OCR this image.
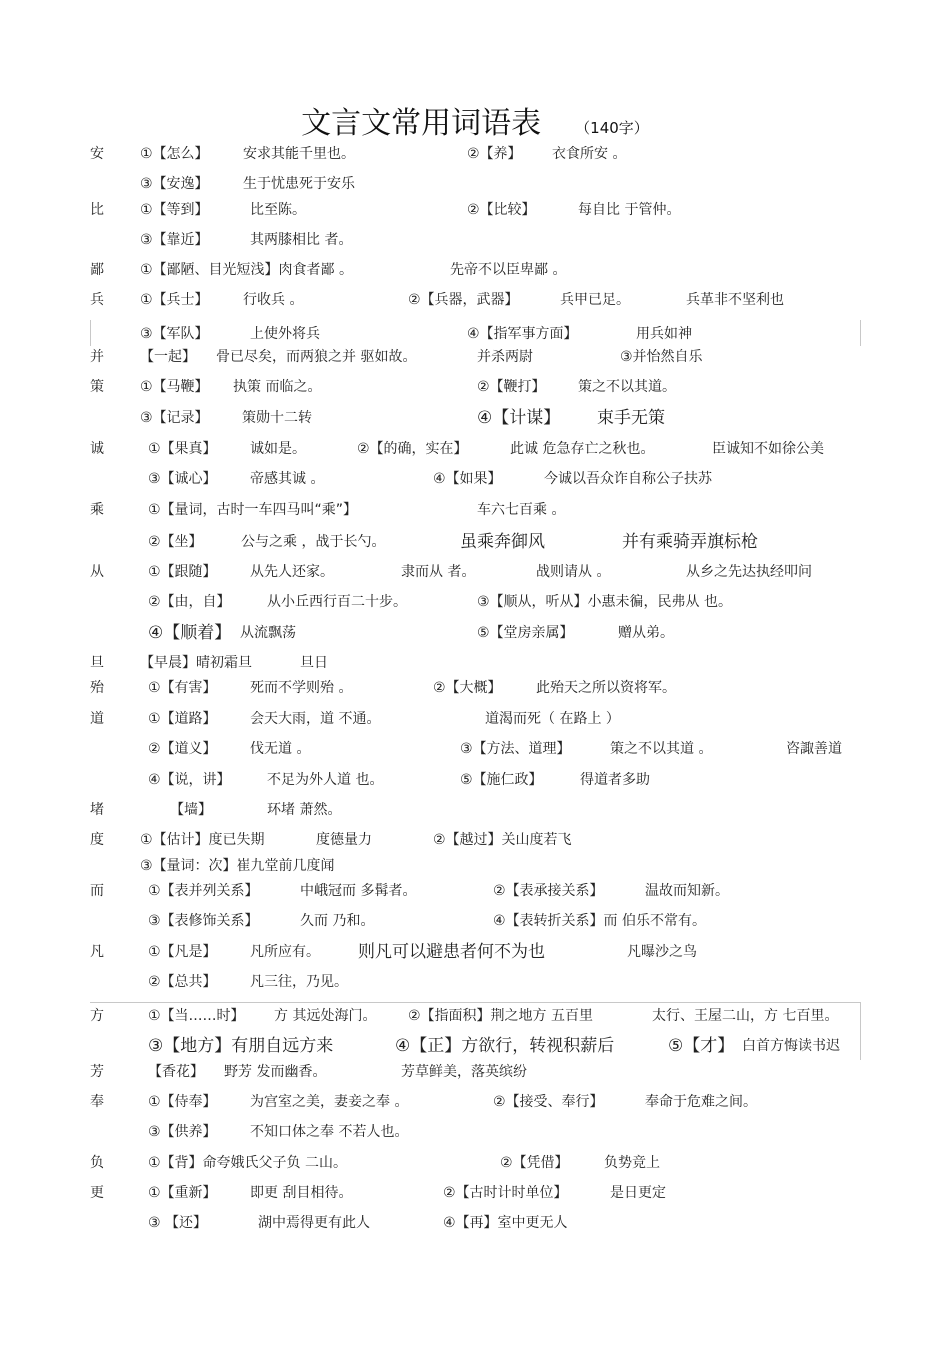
文言文常用词语表 （140字）
安	①【怎么】 安求其能千里也。	②【养】 衣食所安 。
③【安逸】 生于忧患死于安乐
比	①【等到】	比至陈。	②【比较】	每自比 于管仲。
③【靠近】	其两膝相比 者。
鄙	①【鄙陋、目光短浅】肉食者鄙 。	先帝不以臣卑鄙 。
兵	①【兵士】 行收兵 。	②【兵器，武器】	兵甲已足。	兵革非不坚利也
③【军队】	上使外将兵	④【指军事方面】	用兵如神
并	【一起】 骨已尽矣，而两狼之并 驱如故。	并杀两尉	③并怡然自乐
策	①【马鞭】 执策 而临之。	②【鞭打】 策之不以其道。
③【记录】 策勋十二转	④【计谋】 束手无策
诚	①【果真】 诚如是。	②【的确，实在】	此诚 危急存亡之秋也。	臣诚知不如徐公美
③【诚心】 帝感其诚 。	④【如果】	今诚以吾众诈自称公子扶苏
乘	①【量词，古时一车四马叫“乘”】	车六七百乘 。
②【坐】	公与之乘 ，战于长勺。	虽乘奔御风	并有乘骑弄旗标枪
从	①【跟随】 从先人还家。	隶而从 者。	战则请从 。	从乡之先达执经叩问
②【由，自】	从小丘西行百二十步。	③【顺从，听从】小惠未徧，民弗从 也。
④【顺着】 从流飘荡	⑤【堂房亲属】	赠从弟。
旦	【早晨】晴初霜旦	旦日
殆	①【有害】 死而不学则殆 。	②【大概】 此殆天之所以资将军。
道	①【道路】 会天大雨，道 不通。	道渴而死（ 在路上 ）
②【道义】 伐无道 。	③【方法、道理】	策之不以其道 。	咨諏善道
④【说，讲】	不足为外人道 也。	⑤【施仁政】	得道者多助
堵	【墙】	环堵 萧然。
度	①【估计】度已失期	度德量力	②【越过】关山度若飞
③【量词：次】崔九堂前几度闻
而	①【表并列关系】	中峨冠而 多髯者。	②【表承接关系】	温故而知新。
③【表修饰关系】	久而 乃和。	④【表转折关系】而 伯乐不常有。
凡	①【凡是】 凡所应有。 则凡可以避患者何不为也	凡曝沙之鸟
②【总共】 凡三往，乃见。
方	①【当……时】 方 其远处海门。 ②【指面积】荆之地方 五百里	太行、王屋二山，方 七百里。
③【地方】有朋自远方来	④【正】方欲行，转视积薪后	⑤【才】 白首方悔读书迟
芳	【香花】 野芳 发而幽香。	芳草鲜美，落英缤纷
奉	①【侍奉】 为宫室之美，妻妾之奉 。	②【接受、奉行】	奉命于危难之间。
③【供养】 不知口体之奉 不若人也。
负	①【背】命夸娥氏父子负 二山。	②【凭借】	负势竞上
更	①【重新】 即更 刮目相待。	②【古时计时单位】	是日更定
③ 【还】	湖中焉得更有此人	④【再】室中更无人
